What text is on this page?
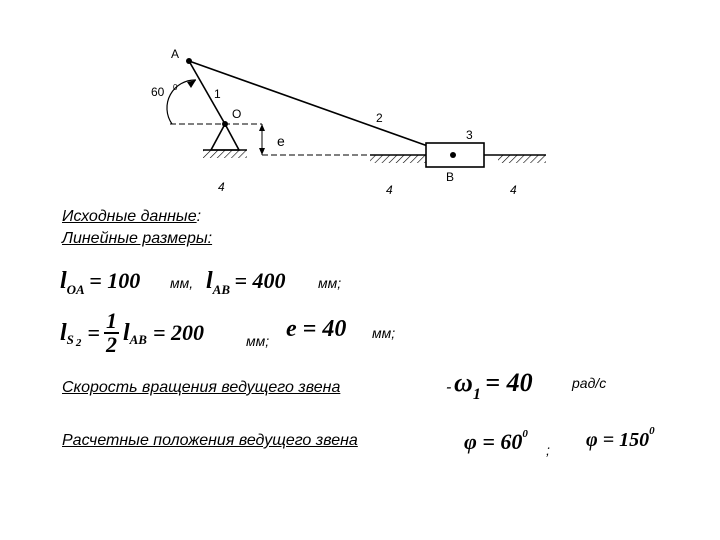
A
60 0	1
O	2
3
e
B
4	4	4
Исходные данные:
Линейные размеры:
$l_{OA} = 100$ мм, $l_{AB} = 400$ мм;
l S $2 = \frac{1}{2}$ l AB = 200	мм; e = 40 мм;
Скорость вращения ведущего звена	- ω1 = 40	рад/с
Расчетные положения ведущего звена	$\varphi = 60^0$
; $\varphi = 150^0$
